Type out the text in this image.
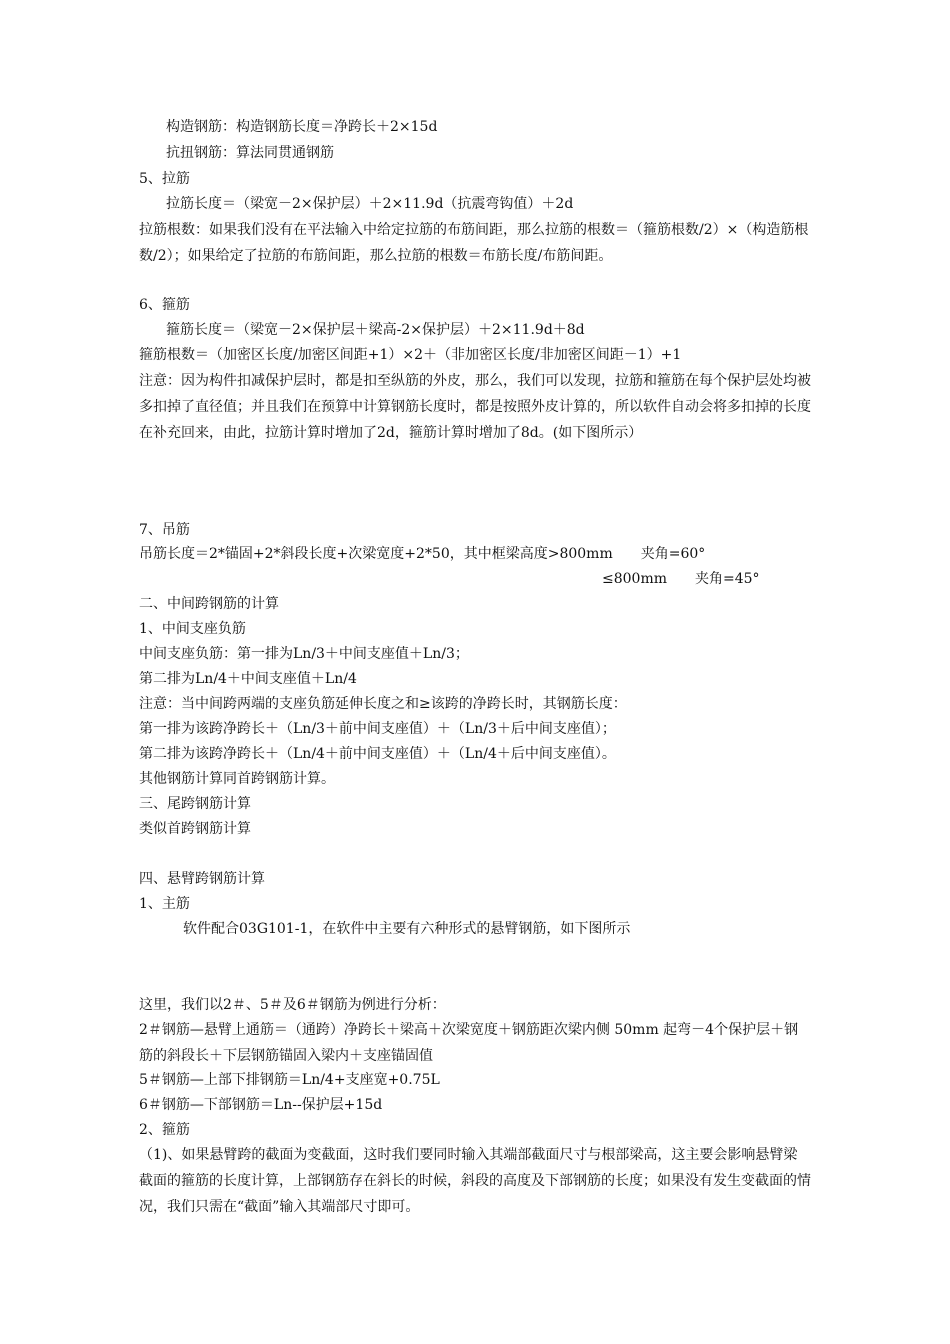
构造钢筋：构造钢筋长度＝净跨长＋2×15d
抗扭钢筋：算法同贯通钢筋
5、拉筋
拉筋长度＝（梁宽－2×保护层）＋2×11.9d（抗震弯钩值）＋2d
拉筋根数：如果我们没有在平法输入中给定拉筋的布筋间距，那么拉筋的根数＝（箍筋根数/2）×（构造筋根数/2）；如果给定了拉筋的布筋间距，那么拉筋的根数＝布筋长度/布筋间距。
6、箍筋
箍筋长度＝（梁宽－2×保护层＋梁高-2×保护层）＋2×11.9d＋8d
箍筋根数＝（加密区长度/加密区间距+1）×2＋（非加密区长度/非加密区间距－1）+1
注意：因为构件扣减保护层时，都是扣至纵筋的外皮，那么，我们可以发现，拉筋和箍筋在每个保护层处均被多扣掉了直径值；并且我们在预算中计算钢筋长度时，都是按照外皮计算的，所以软件自动会将多扣掉的长度在补充回来，由此，拉筋计算时增加了2d，箍筋计算时增加了8d。(如下图所示）
7、吊筋
吊筋长度＝2*锚固+2*斜段长度+次梁宽度+2*50，其中框梁高度>800mm　　夹角=60°
≤800mm　　夹角=45°
二、中间跨钢筋的计算
1、中间支座负筋
中间支座负筋：第一排为Ln/3＋中间支座值＋Ln/3；
第二排为Ln/4＋中间支座值＋Ln/4
注意：当中间跨两端的支座负筋延伸长度之和≥该跨的净跨长时，其钢筋长度：
第一排为该跨净跨长＋（Ln/3＋前中间支座值）＋（Ln/3＋后中间支座值）；
第二排为该跨净跨长＋（Ln/4＋前中间支座值）＋（Ln/4＋后中间支座值）。
其他钢筋计算同首跨钢筋计算。
三、尾跨钢筋计算
类似首跨钢筋计算
四、悬臂跨钢筋计算
1、主筋
软件配合03G101-1，在软件中主要有六种形式的悬臂钢筋，如下图所示
这里，我们以2＃、5＃及6＃钢筋为例进行分析：
2＃钢筋—悬臂上通筋＝（通跨）净跨长＋梁高＋次梁宽度＋钢筋距次梁内侧 50mm 起弯－4个保护层＋钢筋的斜段长＋下层钢筋锚固入梁内＋支座锚固值
5＃钢筋—上部下排钢筋＝Ln/4+支座宽+0.75L
6＃钢筋—下部钢筋＝Ln--保护层+15d
2、箍筋
（1)、如果悬臂跨的截面为变截面，这时我们要同时输入其端部截面尺寸与根部梁高，这主要会影响悬臂梁截面的箍筋的长度计算，上部钢筋存在斜长的时候，斜段的高度及下部钢筋的长度；如果没有发生变截面的情况，我们只需在“截面”输入其端部尺寸即可。
